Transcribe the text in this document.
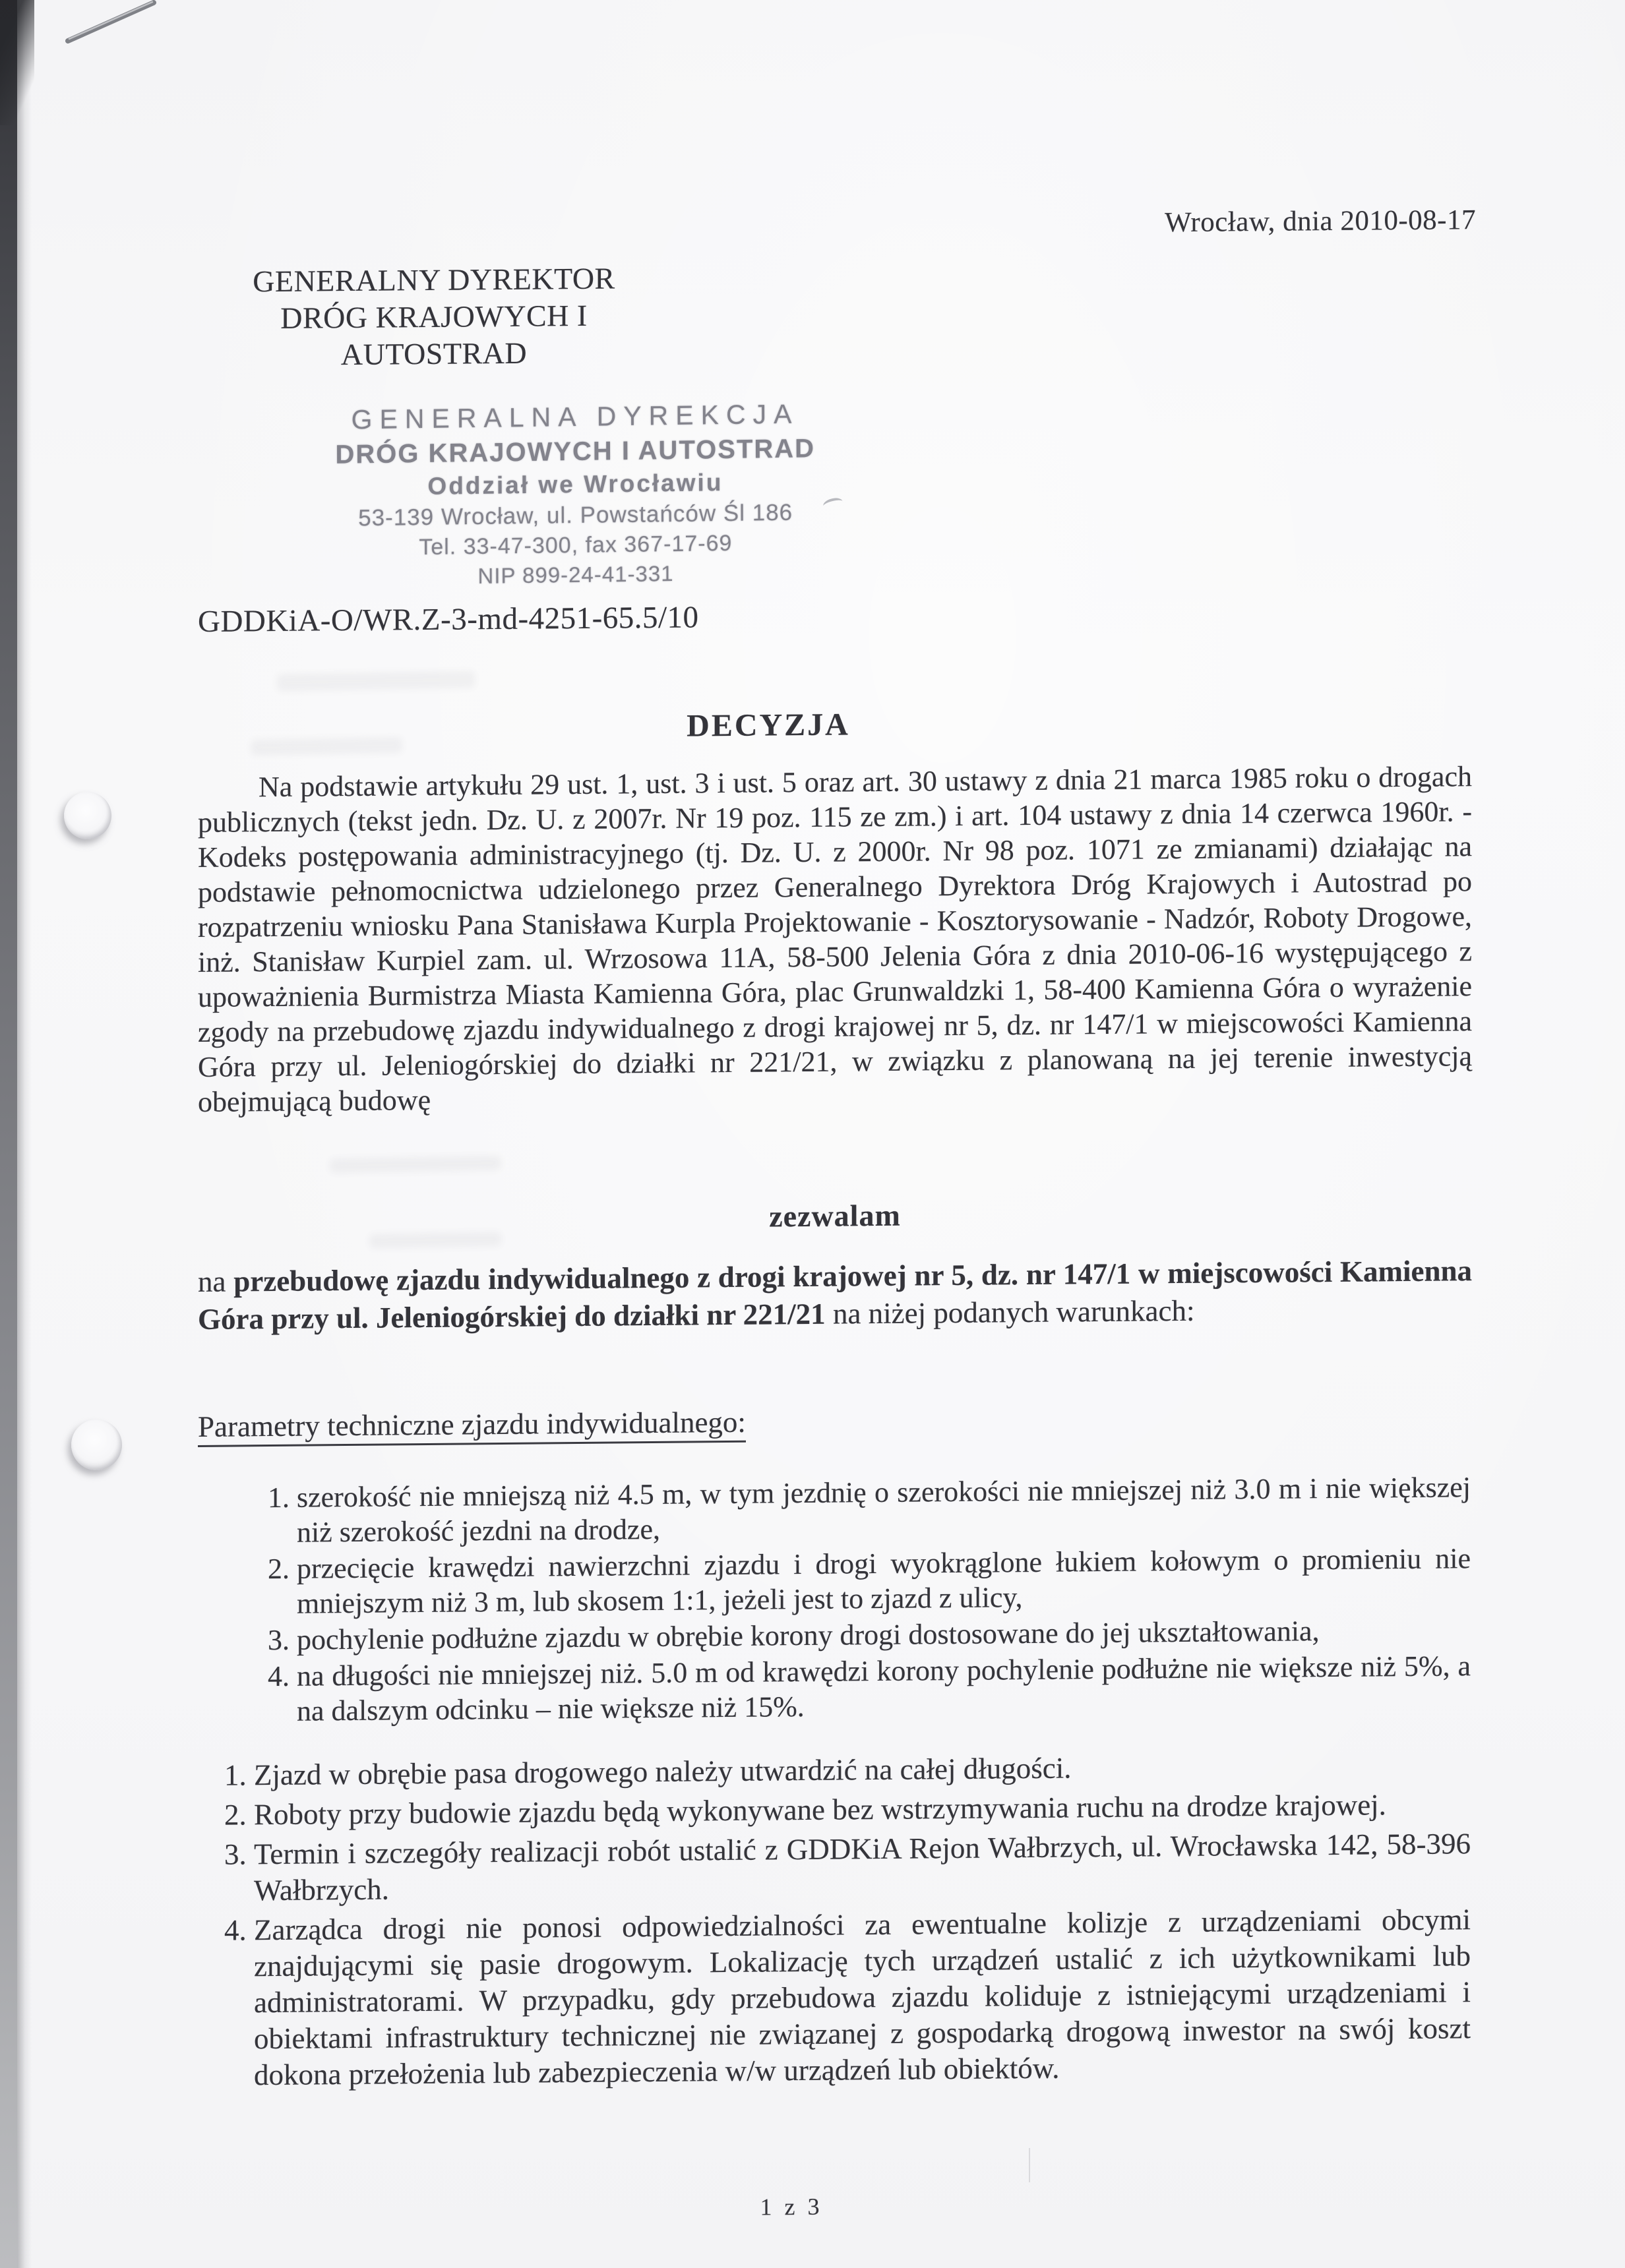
Wrocław, dnia 2010-08-17
GENERALNY DYREKTOR
DRÓG KRAJOWYCH I AUTOSTRAD
GENERALNA DYREKCJA
DRÓG KRAJOWYCH I AUTOSTRAD
Oddział we Wrocławiu
53-139 Wrocław, ul. Powstańców Śl 186
Tel. 33-47-300, fax 367-17-69
NIP 899-24-41-331
GDDKiA-O/WR.Z-3-md-4251-65.5/10
DECYZJA

Na podstawie artykułu 29 ust. 1, ust. 3 i ust. 5 oraz art. 30 ustawy z dnia 21 marca 1985 roku o drogach publicznych (tekst jedn. Dz. U. z 2007r. Nr 19 poz. 115 ze zm.) i art. 104 ustawy z dnia 14 czerwca 1960r. - Kodeks postępowania administracyjnego (tj. Dz. U. z 2000r. Nr 98 poz. 1071 ze zmianami) działając na podstawie pełnomocnictwa udzielonego przez Generalnego Dyrektora Dróg Krajowych i Autostrad po rozpatrzeniu wniosku Pana Stanisława Kurpla Projektowanie - Kosztorysowanie - Nadzór, Roboty Drogowe, inż. Stanisław Kurpiel zam. ul. Wrzosowa 11A, 58-500 Jelenia Góra z dnia 2010-06-16 występującego z upoważnienia Burmistrza Miasta Kamienna Góra, plac Grunwaldzki 1, 58-400 Kamienna Góra o wyrażenie zgody na przebudowę zjazdu indywidualnego z drogi krajowej nr 5, dz. nr 147/1 w miejscowości Kamienna Góra przy ul. Jeleniogórskiej do działki nr 221/21, w związku z planowaną na jej terenie inwestycją obejmującą budowę

zezwalam

na przebudowę zjazdu indywidualnego z drogi krajowej nr 5, dz. nr 147/1 w miejscowości Kamienna Góra przy ul. Jeleniogórskiej do działki nr 221/21 na niżej podanych warunkach:

Parametry techniczne zjazdu indywidualnego:
1. szerokość nie mniejszą niż 4.5 m, w tym jezdnię o szerokości nie mniejszej niż 3.0 m i nie większej niż szerokość jezdni na drodze,
2. przecięcie krawędzi nawierzchni zjazdu i drogi wyokrąglone łukiem kołowym o promieniu nie mniejszym niż 3 m, lub skosem 1:1, jeżeli jest to zjazd z ulicy,
3. pochylenie podłużne zjazdu w obrębie korony drogi dostosowane do jej ukształtowania,
4. na długości nie mniejszej niż. 5.0 m od krawędzi korony pochylenie podłużne nie większe niż 5%, a na dalszym odcinku – nie większe niż 15%.
1. Zjazd w obrębie pasa drogowego należy utwardzić na całej długości.
2. Roboty przy budowie zjazdu będą wykonywane bez wstrzymywania ruchu na drodze krajowej.
3. Termin i szczegóły realizacji robót ustalić z GDDKiA Rejon Wałbrzych, ul. Wrocławska 142, 58-396 Wałbrzych.
4. Zarządca drogi nie ponosi odpowiedzialności za ewentualne kolizje z urządzeniami obcymi znajdującymi się pasie drogowym. Lokalizację tych urządzeń ustalić z ich użytkownikami lub administratorami. W przypadku, gdy przebudowa zjazdu koliduje z istniejącymi urządzeniami i obiektami infrastruktury technicznej nie związanej z gospodarką drogową inwestor na swój koszt dokona przełożenia lub zabezpieczenia w/w urządzeń lub obiektów.
1 z 3
